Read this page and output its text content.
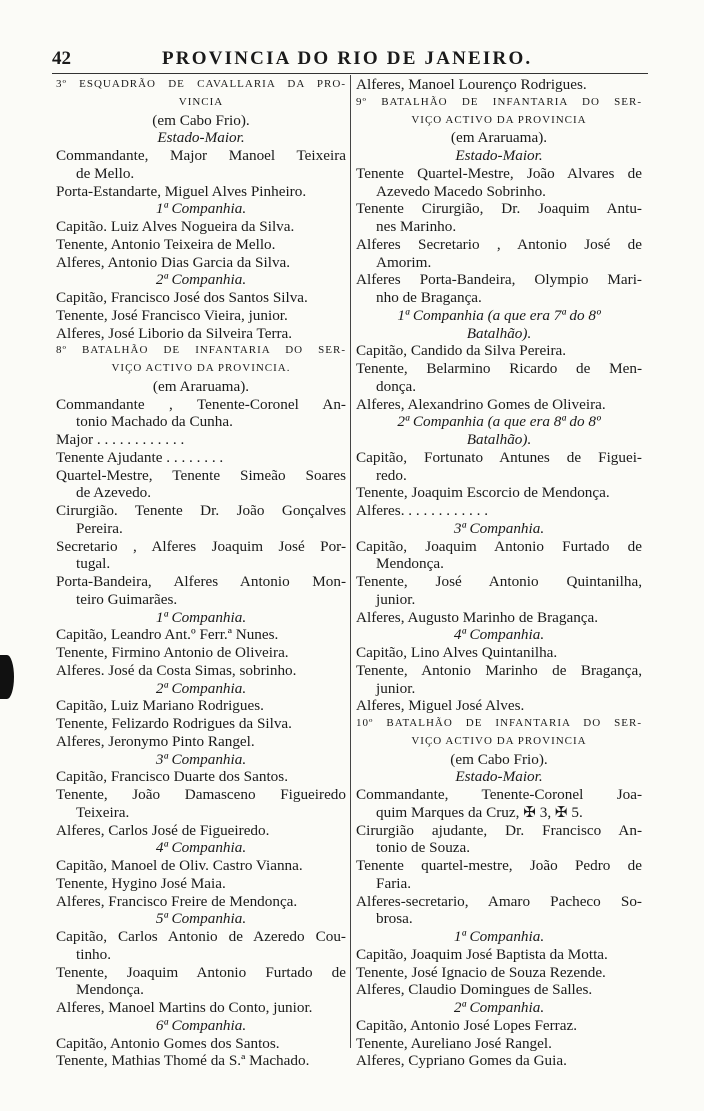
42	PROVINCIA DO RIO DE JANEIRO.
3º ESQUADRÃO DE CAVALLARIA DA PRO-
VINCIA
(em Cabo Frio).
Estado-Maior.
Commandante, Major Manoel Teixeira
de Mello.
Porta-Estandarte, Miguel Alves Pinheiro.
1ª Companhia.
Capitão. Luiz Alves Nogueira da Silva.
Tenente, Antonio Teixeira de Mello.
Alferes, Antonio Dias Garcia da Silva.
2ª Companhia.
Capitão, Francisco José dos Santos Silva.
Tenente, José Francisco Vieira, junior.
Alferes, José Liborio da Silveira Terra.
8º BATALHÃO DE INFANTARIA DO SER-
VIÇO ACTIVO DA PROVINCIA.
(em Araruama).
Commandante , Tenente-Coronel An-
tonio Machado da Cunha.
Major . . . . . . . . . . . .
Tenente Ajudante . . . . . . . .
Quartel-Mestre, Tenente Simeão Soares
de Azevedo.
Cirurgião. Tenente Dr. João Gonçalves
Pereira.
Secretario , Alferes Joaquim José Por-
tugal.
Porta-Bandeira, Alferes Antonio Mon-
teiro Guimarães.
1ª Companhia.
Capitão, Leandro Ant.º Ferr.ª Nunes.
Tenente, Firmino Antonio de Oliveira.
Alferes. José da Costa Simas, sobrinho.
2ª Companhia.
Capitão, Luiz Mariano Rodrigues.
Tenente, Felizardo Rodrigues da Silva.
Alferes, Jeronymo Pinto Rangel.
3ª Companhia.
Capitão, Francisco Duarte dos Santos.
Tenente, João Damasceno Figueiredo
Teixeira.
Alferes, Carlos José de Figueiredo.
4ª Companhia.
Capitão, Manoel de Oliv. Castro Vianna.
Tenente, Hygino José Maia.
Alferes, Francisco Freire de Mendonça.
5ª Companhia.
Capitão, Carlos Antonio de Azeredo Cou-
tinho.
Tenente, Joaquim Antonio Furtado de
Mendonça.
Alferes, Manoel Martins do Conto, junior.
6ª Companhia.
Capitão, Antonio Gomes dos Santos.
Tenente, Mathias Thomé da S.ª Machado.
Alferes, Manoel Lourenço Rodrigues.
9º BATALHÃO DE INFANTARIA DO SER-
VIÇO ACTIVO DA PROVINCIA
(em Araruama).
Estado-Maior.
Tenente Quartel-Mestre, João Alvares de
Azevedo Macedo Sobrinho.
Tenente Cirurgião, Dr. Joaquim Antu-
nes Marinho.
Alferes Secretario , Antonio José de
Amorim.
Alferes Porta-Bandeira, Olympio Mari-
nho de Bragança.
1ª Companhia (a que era 7ª do 8º
Batalhão).
Capitão, Candido da Silva Pereira.
Tenente, Belarmino Ricardo de Men-
donça.
Alferes, Alexandrino Gomes de Oliveira.
2ª Companhia (a que era 8ª do 8º
Batalhão).
Capitão, Fortunato Antunes de Figuei-
redo.
Tenente, Joaquim Escorcio de Mendonça.
Alferes. . . . . . . . . . . .
3ª Companhia.
Capitão, Joaquim Antonio Furtado de
Mendonça.
Tenente, José Antonio Quintanilha,
junior.
Alferes, Augusto Marinho de Bragança.
4ª Companhia.
Capitão, Lino Alves Quintanilha.
Tenente, Antonio Marinho de Bragança,
junior.
Alferes, Miguel José Alves.
10º BATALHÃO DE INFANTARIA DO SER-
VIÇO ACTIVO DA PROVINCIA
(em Cabo Frio).
Estado-Maior.
Commandante, Tenente-Coronel Joa-
quim Marques da Cruz, ✠ 3, ✠ 5.
Cirurgião ajudante, Dr. Francisco An-
tonio de Souza.
Tenente quartel-mestre, João Pedro de
Faria.
Alferes-secretario, Amaro Pacheco So-
brosa.
1ª Companhia.
Capitão, Joaquim José Baptista da Motta.
Tenente, José Ignacio de Souza Rezende.
Alferes, Claudio Domingues de Salles.
2ª Companhia.
Capitão, Antonio José Lopes Ferraz.
Tenente, Aureliano José Rangel.
Alferes, Cypriano Gomes da Guia.
